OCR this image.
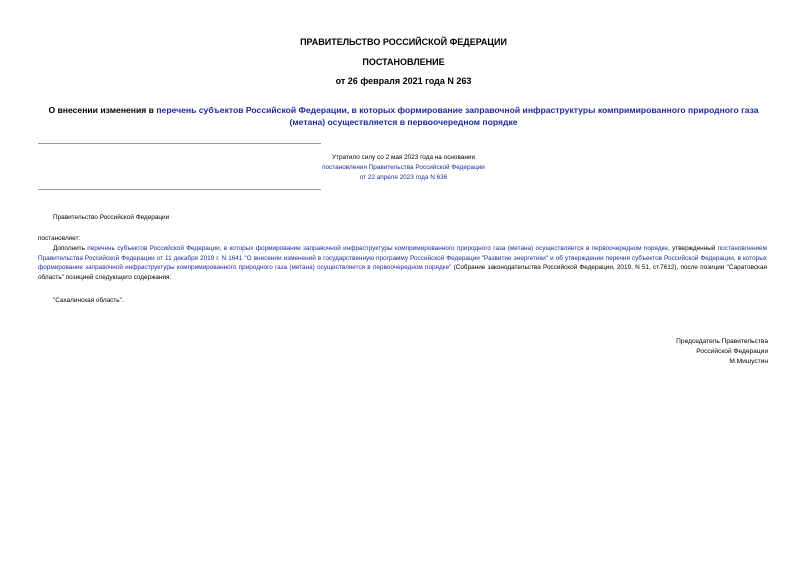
ПРАВИТЕЛЬСТВО РОССИЙСКОЙ ФЕДЕРАЦИИ
ПОСТАНОВЛЕНИЕ
от 26 февраля 2021 года N 263
О внесении изменения в перечень субъектов Российской Федерации, в которых формирование заправочной инфраструктуры компримированного природного газа (метана) осуществляется в первоочередном порядке
Утратило силу со 2 мая 2023 года на основании
постановления Правительства Российской Федерации
от 22 апреля 2023 года N 636
Правительство Российской Федерации
постановляет:
Дополнить перечень субъектов Российской Федерации, в которых формирование заправочной инфраструктуры компримированного природного газа (метана) осуществляется в первоочередном порядке, утвержденный постановлением Правительства Российской Федерации от 11 декабря 2019 г. N 1641 "О внесении изменений в государственную программу Российской Федерации "Развитие энергетики" и об утверждении перечня субъектов Российской Федерации, в которых формирование заправочной инфраструктуры компримированного природного газа (метана) осуществляется в первоочередном порядке" (Собрание законодательства Российской Федерации, 2019, N 51, ст.7612), после позиции "Саратовская область" позицией следующего содержания:
"Сахалинская область".
Председатель Правительства
Российской Федерации
М.Мишустин
